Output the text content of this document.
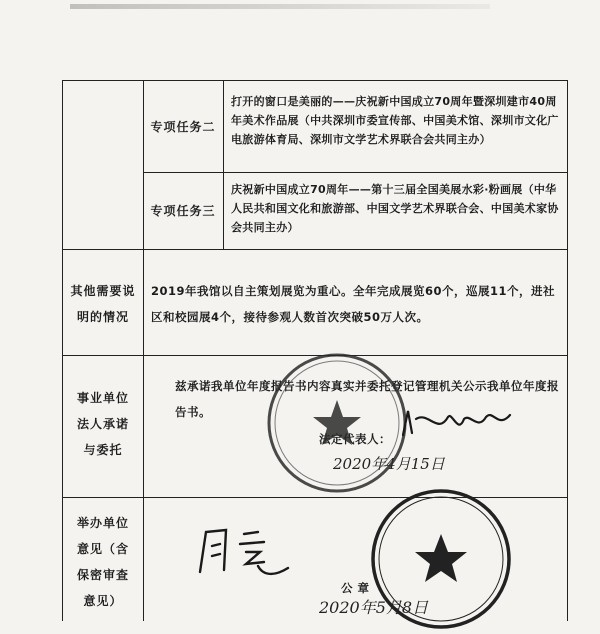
专项任务二
打开的窗口是美丽的——庆祝新中国成立70周年暨深圳建市40周年美术作品展（中共深圳市委宣传部、中国美术馆、深圳市文化广电旅游体育局、深圳市文学艺术界联合会共同主办）
专项任务三
庆祝新中国成立70周年——第十三届全国美展水彩·粉画展（中华人民共和国文化和旅游部、中国文学艺术界联合会、中国美术家协会共同主办）
其他需要说
明的情况
2019年我馆以自主策划展览为重心。全年完成展览60个，巡展11个，进社区和校园展4个，接待参观人数首次突破50万人次。
事业单位
法人承诺
与委托
兹承诺我单位年度报告书内容真实并委托登记管理机关公示我单位年度报告书。
法定代表人：
2020年4月15日
举办单位
意见（含
保密审查
意见）
公 章
2020年5月8日
